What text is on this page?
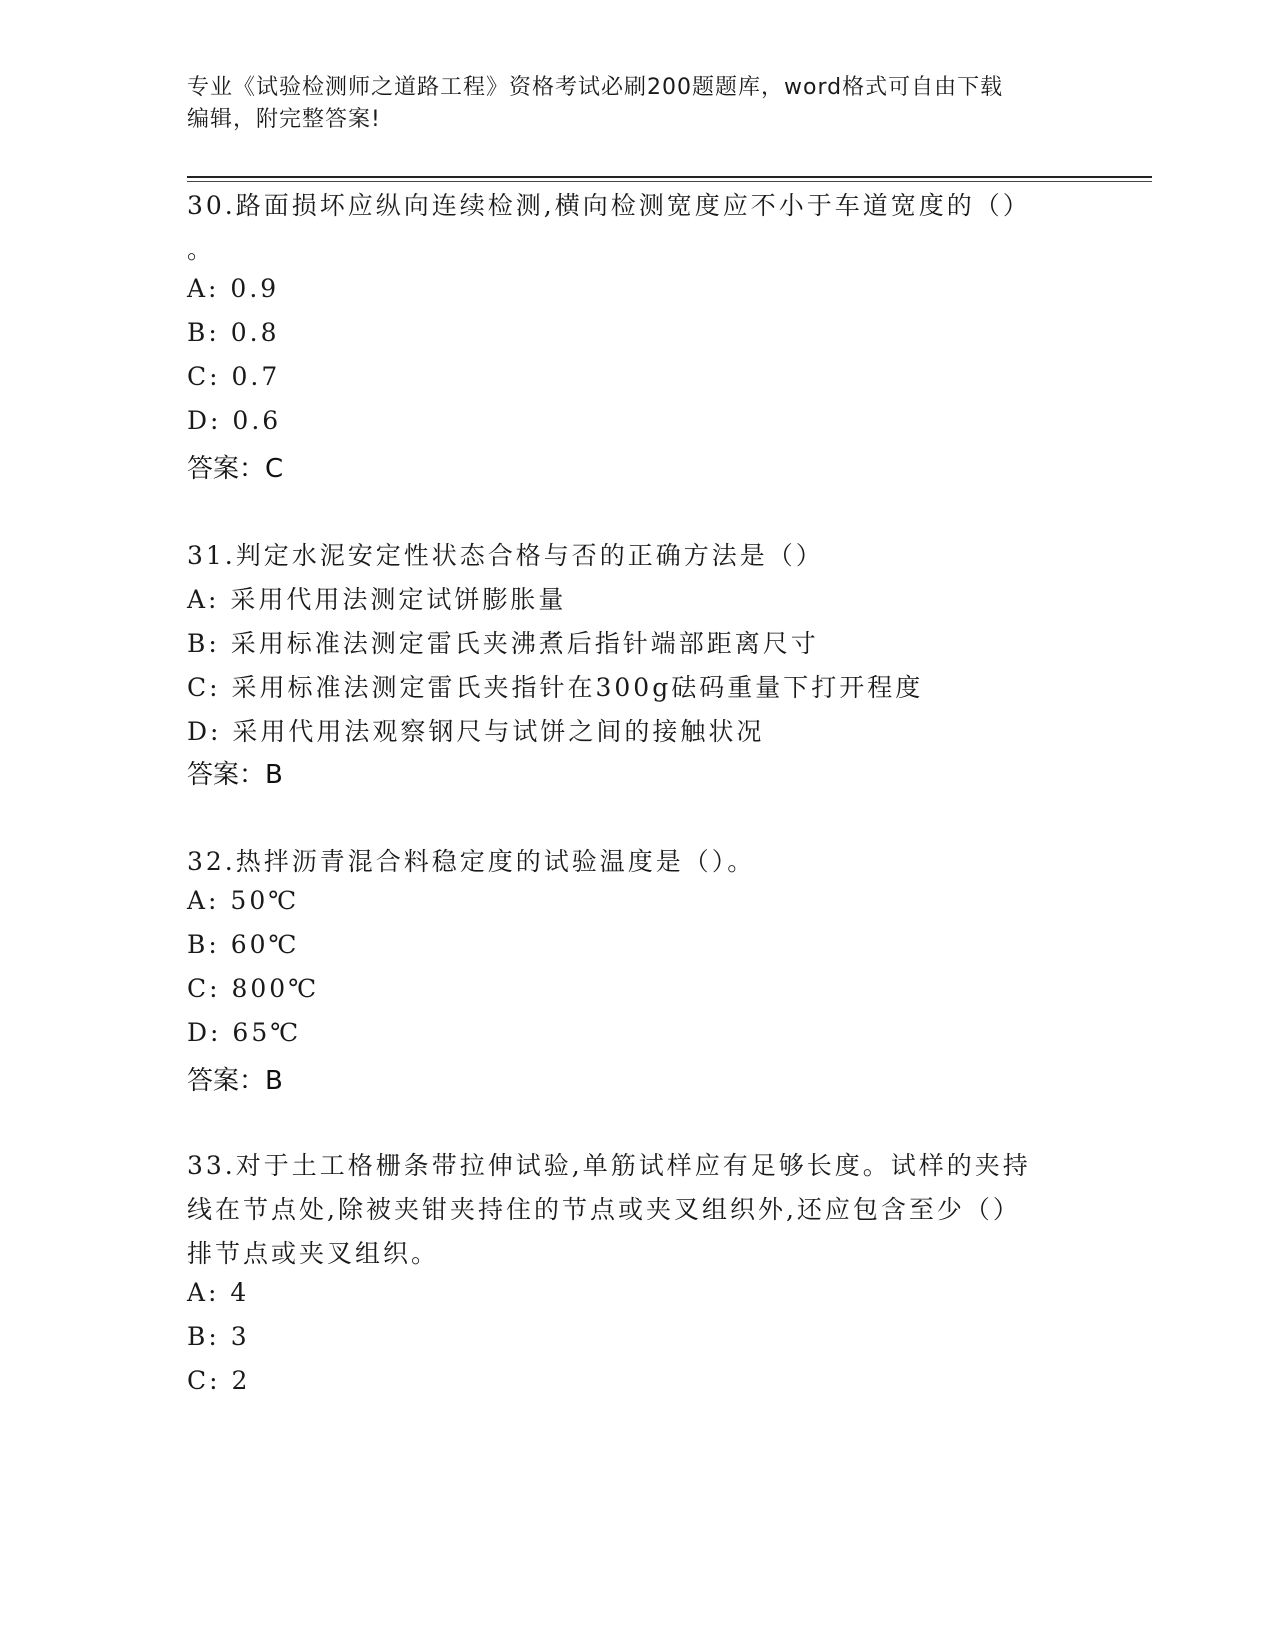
专业《试验检测师之道路工程》资格考试必刷200题题库，word格式可自由下载
编辑，附完整答案!
30.路面损坏应纵向连续检测,横向检测宽度应不小于车道宽度的（）
。
A: 0.9
B: 0.8
C: 0.7
D: 0.6
答案：C
31.判定水泥安定性状态合格与否的正确方法是（）
A: 采用代用法测定试饼膨胀量
B: 采用标准法测定雷氏夹沸煮后指针端部距离尺寸
C: 采用标准法测定雷氏夹指针在300g砝码重量下打开程度
D: 采用代用法观察钢尺与试饼之间的接触状况
答案：B
32.热拌沥青混合料稳定度的试验温度是（）。
A: 50℃
B: 60℃
C: 800℃
D: 65℃
答案：B
33.对于土工格栅条带拉伸试验,单筋试样应有足够长度。试样的夹持
线在节点处,除被夹钳夹持住的节点或夹叉组织外,还应包含至少（）
排节点或夹叉组织。
A: 4
B: 3
C: 2
